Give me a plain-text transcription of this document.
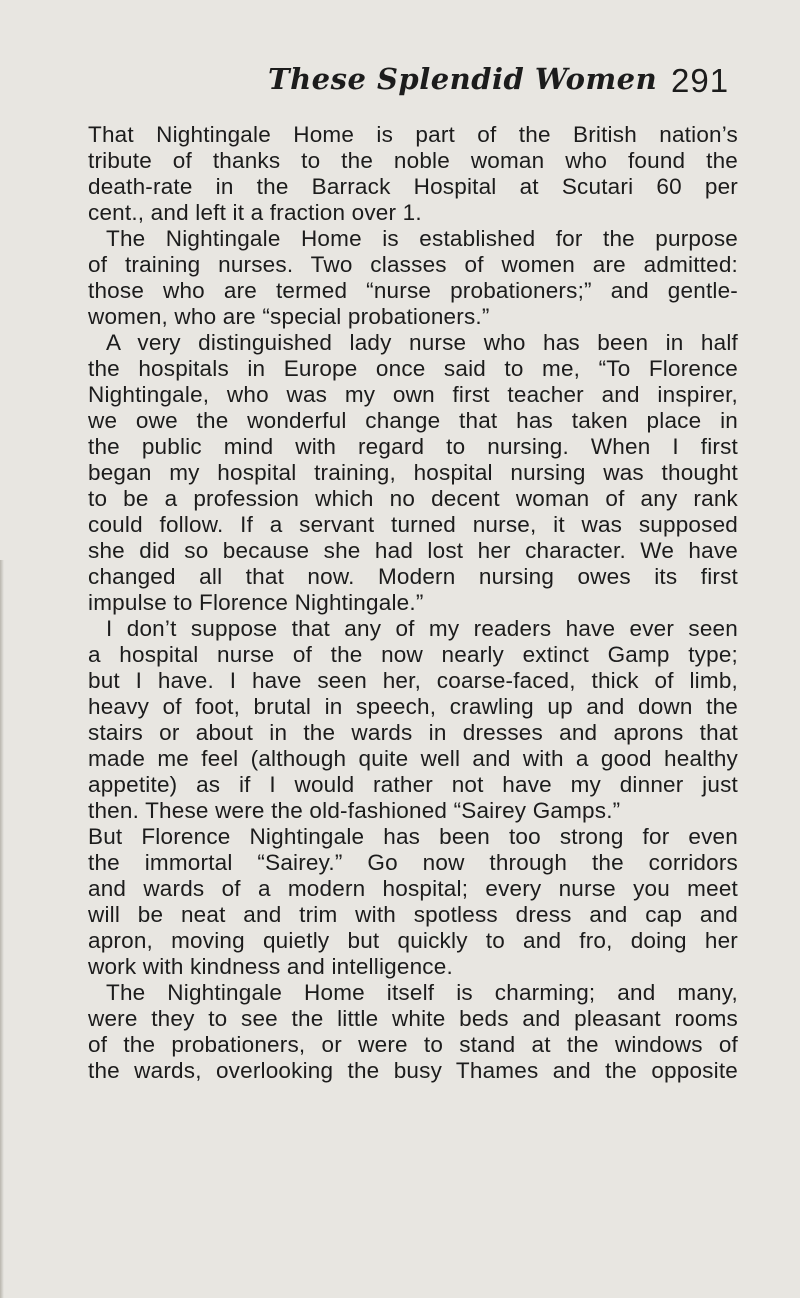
These Splendid Women 291
That Nightingale Home is part of the British nation’s
tribute of thanks to the noble woman who found the
death-rate in the Barrack Hospital at Scutari 60 per
cent., and left it a fraction over 1.
The Nightingale Home is established for the purpose
of training nurses. Two classes of women are admitted:
those who are termed “nurse probationers;” and gentle-
women, who are “special probationers.”
A very distinguished lady nurse who has been in half
the hospitals in Europe once said to me, “To Florence
Nightingale, who was my own first teacher and inspirer,
we owe the wonderful change that has taken place in
the public mind with regard to nursing. When I first
began my hospital training, hospital nursing was thought
to be a profession which no decent woman of any rank
could follow. If a servant turned nurse, it was supposed
she did so because she had lost her character. We have
changed all that now. Modern nursing owes its first
impulse to Florence Nightingale.”
I don’t suppose that any of my readers have ever seen
a hospital nurse of the now nearly extinct Gamp type;
but I have. I have seen her, coarse-faced, thick of limb,
heavy of foot, brutal in speech, crawling up and down the
stairs or about in the wards in dresses and aprons that
made me feel (although quite well and with a good healthy
appetite) as if I would rather not have my dinner just
then. These were the old-fashioned “Sairey Gamps.”
But Florence Nightingale has been too strong for even
the immortal “Sairey.” Go now through the corridors
and wards of a modern hospital; every nurse you meet
will be neat and trim with spotless dress and cap and
apron, moving quietly but quickly to and fro, doing her
work with kindness and intelligence.
The Nightingale Home itself is charming; and many,
were they to see the little white beds and pleasant rooms
of the probationers, or were to stand at the windows of
the wards, overlooking the busy Thames and the opposite
